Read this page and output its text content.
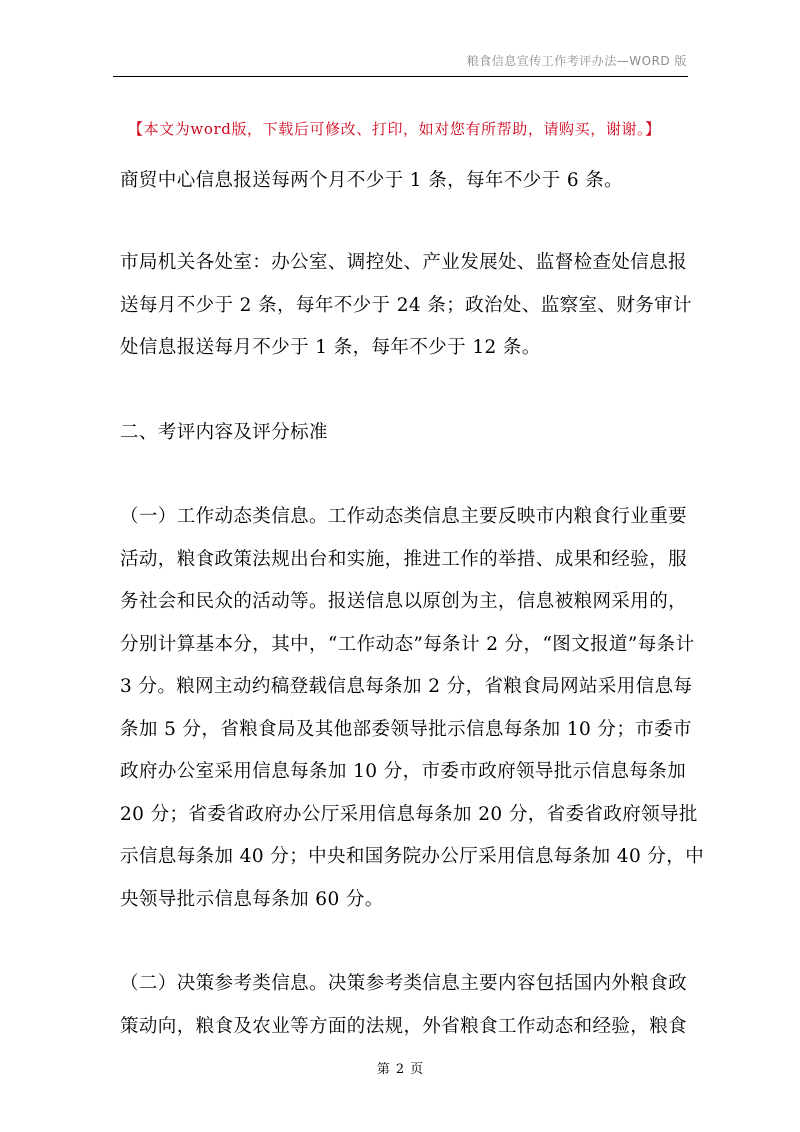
粮食信息宣传工作考评办法—WORD 版
【本文为word版，下载后可修改、打印，如对您有所帮助，请购买，谢谢。】
商贸中心信息报送每两个月不少于 1 条，每年不少于 6 条。
市局机关各处室：办公室、调控处、产业发展处、监督检查处信息报
送每月不少于 2 条，每年不少于 24 条；政治处、监察室、财务审计
处信息报送每月不少于 1 条，每年不少于 12 条。
二、考评内容及评分标准
（一）工作动态类信息。工作动态类信息主要反映市内粮食行业重要
活动，粮食政策法规出台和实施，推进工作的举措、成果和经验，服
务社会和民众的活动等。报送信息以原创为主，信息被粮网采用的，
分别计算基本分，其中，“工作动态”每条计 2 分，“图文报道”每条计
3 分。粮网主动约稿登载信息每条加 2 分，省粮食局网站采用信息每
条加 5 分，省粮食局及其他部委领导批示信息每条加 10 分；市委市
政府办公室采用信息每条加 10 分，市委市政府领导批示信息每条加
20 分；省委省政府办公厅采用信息每条加 20 分，省委省政府领导批
示信息每条加 40 分；中央和国务院办公厅采用信息每条加 40 分，中
央领导批示信息每条加 60 分。
（二）决策参考类信息。决策参考类信息主要内容包括国内外粮食政
策动向，粮食及农业等方面的法规，外省粮食工作动态和经验，粮食
第 2 页
